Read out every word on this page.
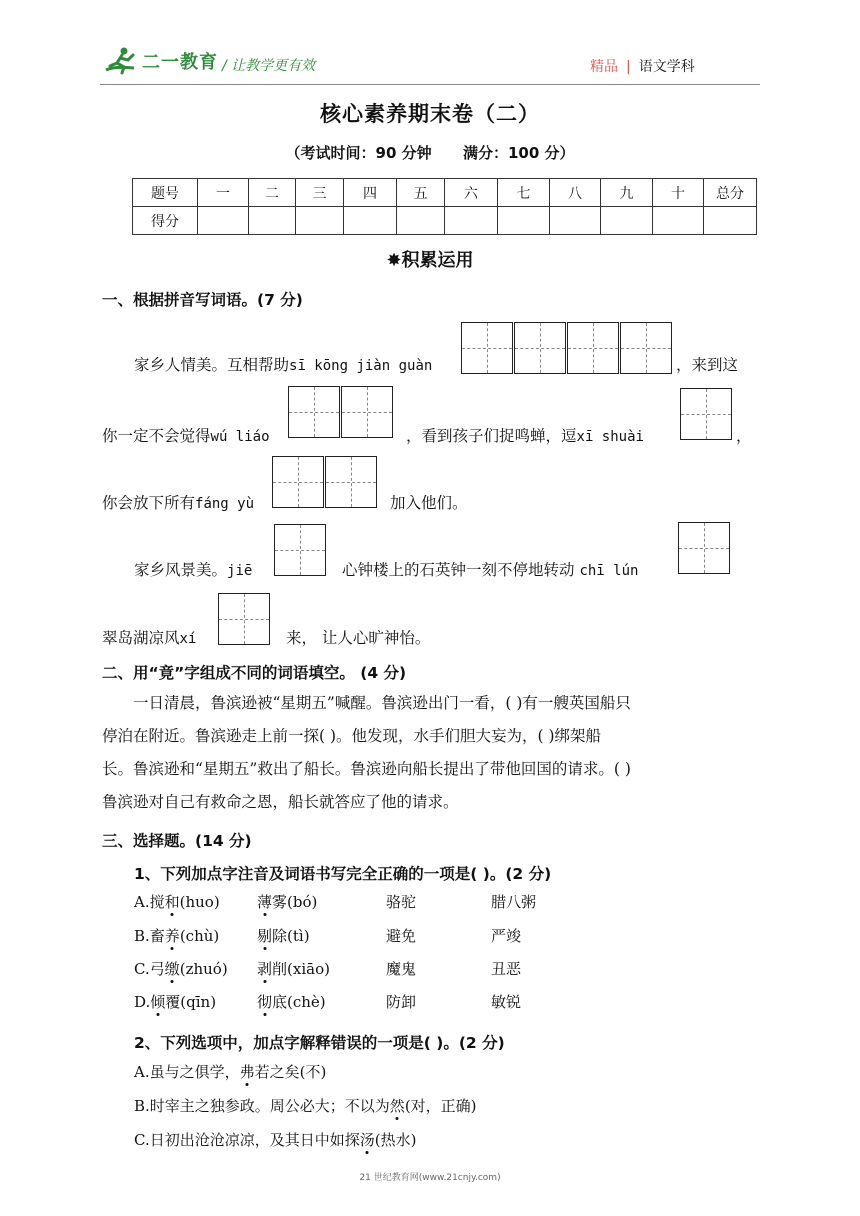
二一教育 / 让教学更有效	精品 | 语文学科
核心素养期末卷（二）
（考试时间：90 分钟      满分：100 分）
题号	一	二	三	四	五	六	七	八	九	十	总分
得分											
✸积累运用
一、根据拼音写词语。(7 分)
家乡人情美。互相帮助sī kōng jiàn guàn	，来到这
你一定不会觉得wú liáo	，看到孩子们捉鸣蝉，逗xī shuài	，
你会放下所有fáng yù	加入他们。
家乡风景美。jiē	心钟楼上的石英钟一刻不停地转动 chī lún
翠岛湖凉风xí	来， 让人心旷神怡。
二、用“竟”字组成不同的词语填空。 (4 分)
一日清晨，鲁滨逊被“星期五”喊醒。鲁滨逊出门一看，( )有一艘英国船只
停泊在附近。鲁滨逊走上前一探( )。他发现，水手们胆大妄为，( )绑架船
长。鲁滨逊和“星期五”救出了船长。鲁滨逊向船长提出了带他回国的请求。( )
鲁滨逊对自己有救命之恩，船长就答应了他的请求。
三、选择题。(14 分)
1、下列加点字注音及词语书写完全正确的一项是( )。(2 分)
A.搅和(huo) 薄雾(bó)	骆驼	腊八粥
B.畜养(chù)	剔除(tì)	避免	严竣
C.弓缴(zhuó) 剥削(xiāo)	魔鬼	丑恶
D.倾覆(qīn)	彻底(chè)	防卸	敏锐
2、下列选项中，加点字解释错误的一项是( )。(2 分)
A.虽与之俱学，弗若之矣(不)
B.时宰主之独参政。周公必大；不以为然(对，正确)
C.日初出沧沧凉凉，及其日中如探汤(热水)
21 世纪教育网(www.21cnjy.com)
